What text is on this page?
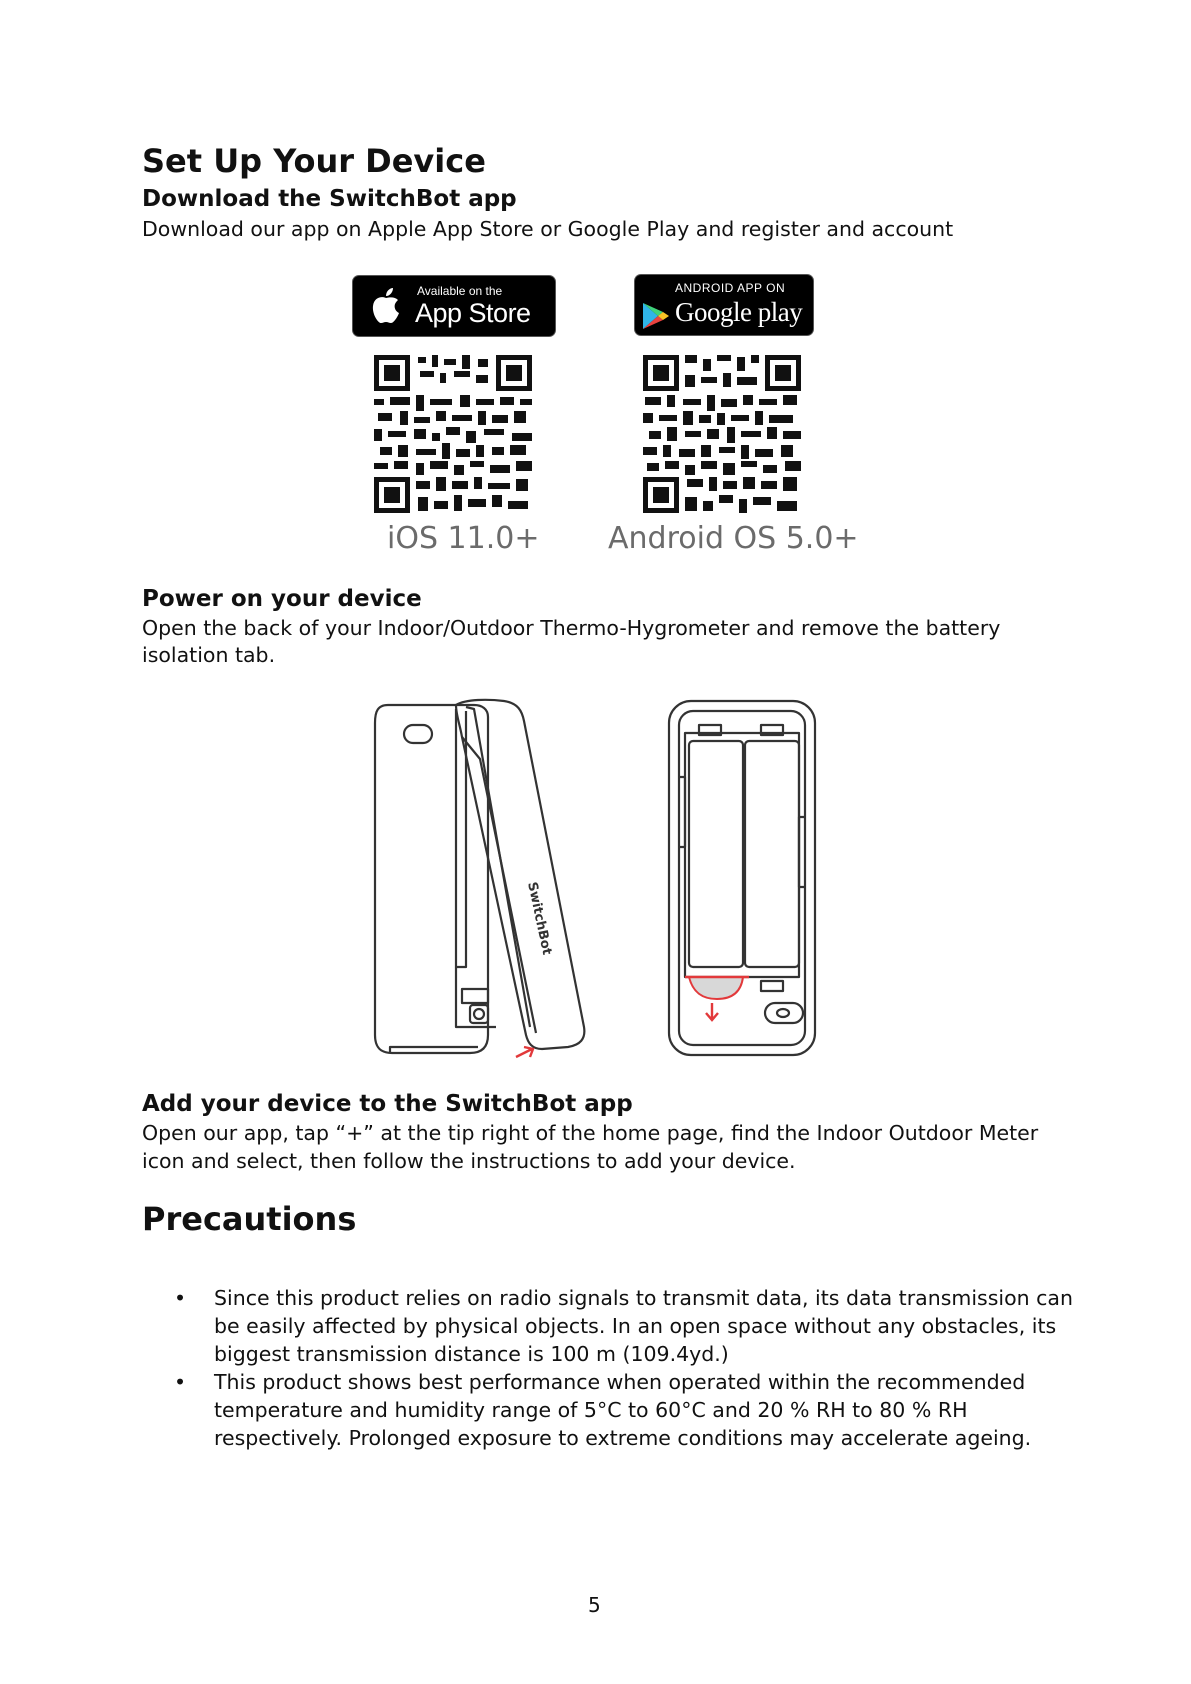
Set Up Your Device
Download the SwitchBot app
Download our app on Apple App Store or Google Play and register and account
Available on the
App Store
ANDROID APP ON
Google play
iOS 11.0+ Android OS 5.0+
Power on your device
Open the back of your Indoor/Outdoor Thermo-Hygrometer and remove the battery
isolation tab.
SwitchBot
Add your device to the SwitchBot app
Open our app, tap “+” at the tip right of the home page, find the Indoor Outdoor Meter
icon and select, then follow the instructions to add your device.
Precautions
• Since this product relies on radio signals to transmit data, its data transmission can
be easily affected by physical objects. In an open space without any obstacles, its
biggest transmission distance is 100 m (109.4yd.)
• This product shows best performance when operated within the recommended
temperature and humidity range of 5°C to 60°C and 20 % RH to 80 % RH
respectively. Prolonged exposure to extreme conditions may accelerate ageing.
5
